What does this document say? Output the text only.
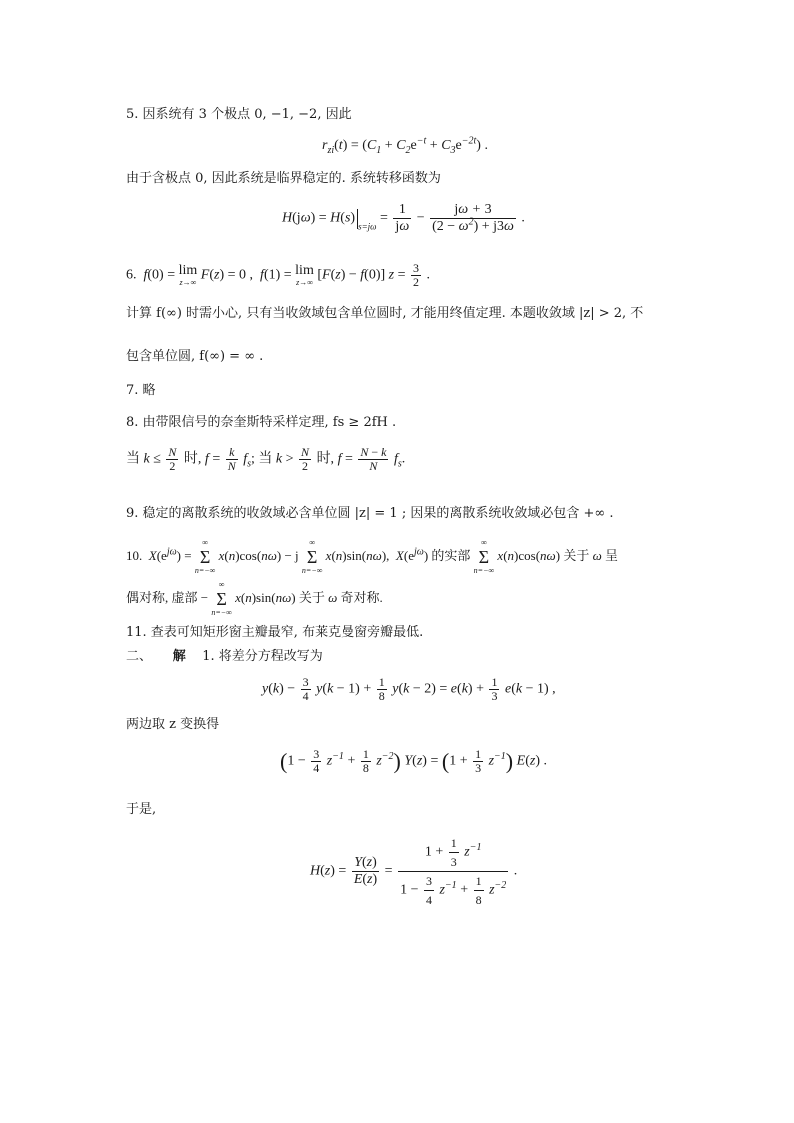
5. 因系统有 3 个极点 0, −1, −2, 因此
$r_{zi}(t) = (C_1 + C_2e^{-t} + C_3e^{-2t})$ .
由于含极点 0, 因此系统是临界稳定的. 系统转移函数为
$H(j\omega) = H(s)_{s=j\omega} = \frac{1}{j\omega} - \frac{j\omega + 3}{(2 - \omega^2) + j3\omega}$ .
6.  f(0) = lim
z→∞ F(z) = 0 ,  f(1) = lim
z→∞ [F(z) − f(0)] $z = \frac{3}{2}$ .
计算 f(∞) 时需小心, 只有当收敛域包含单位圆时, 才能用终值定理. 本题收敛域 |z| > 2, 不
包含单位圆, f(∞) = ∞ .
7. 略
8. 由带限信号的奈奎斯特采样定理, fs ≥ 2fH .
当 $k \le \frac{N}{2}$ 时, $f = \frac{k}{N} f_s$; 当 $k > \frac{N}{2}$ 时, $f = \frac{N - k}{N} f_s$.
9. 稳定的离散系统的收敛域必含单位圆 |z| = 1 ; 因果的离散系统收敛域必包含 +∞ .
10.  $X(e^{j\omega})$ =
∞
Σ
n=−∞
x(n)cos(nω) − j
∞
Σ
n=−∞
x(n)sin(nω),  $X(e^{j\omega})$ 的实部
∞
Σ
n=−∞
x(n)cos(nω) 关于 ω 呈
偶对称, 虚部 −
∞
Σ
n=−∞
x(n)sin(nω) 关于 ω 奇对称.
11. 查表可知矩形窗主瓣最窄, 布莱克曼窗旁瓣最低.
二、 解 1. 将差分方程改写为
$y(k) - \frac{3}{4} y(k - 1) + \frac{1}{8} y(k - 2) = e(k) + \frac{1}{3} e(k - 1)$ ,
两边取 z 变换得
$(1 - \frac{3}{4} z^{-1} + \frac{1}{8} z^{-2})$ $Y(z) = (1 + \frac{1}{3} z^{-1})$ E(z) .
于是,
$H(z) = \frac{Y(z)}{E(z)} = \frac{1 + \frac{1}{3} z^{-1}}{1 - \frac{3}{4} z^{-1} + \frac{1}{8} z^{-2}}$ .
